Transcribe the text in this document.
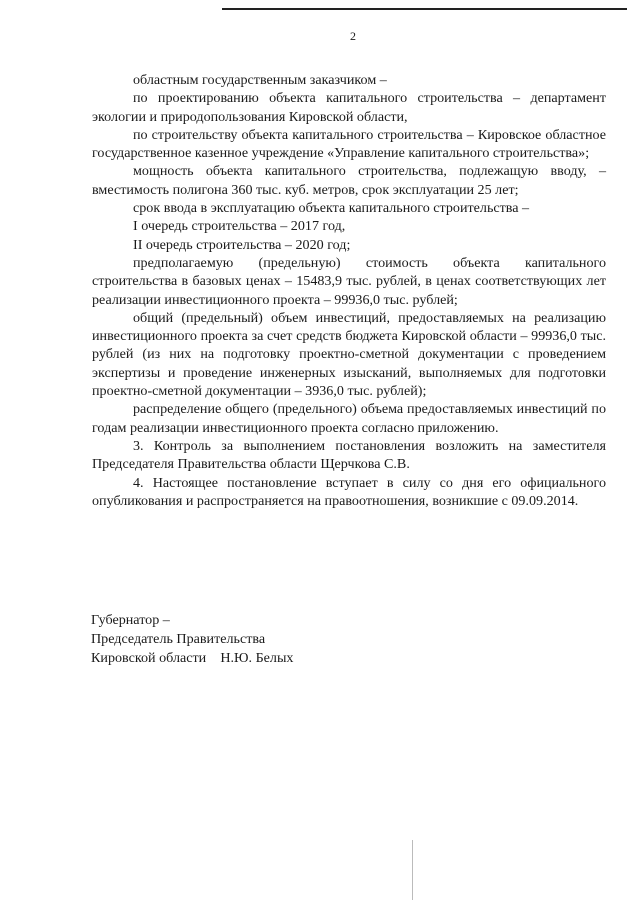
2

областным государственным заказчиком –

по проектированию объекта капитального строительства – департамент экологии и природопользования Кировской области,

по строительству объекта капитального строительства – Кировское областное государственное казенное учреждение «Управление капитального строительства»;

мощность объекта капитального строительства, подлежащую вводу, – вместимость полигона 360 тыс. куб. метров, срок эксплуатации 25 лет;

срок ввода в эксплуатацию объекта капитального строительства –

I очередь строительства – 2017 год,

II очередь строительства – 2020 год;

предполагаемую (предельную) стоимость объекта капитального строительства в базовых ценах – 15483,9 тыс. рублей, в ценах соответствующих лет реализации инвестиционного проекта – 99936,0 тыс. рублей;

общий (предельный) объем инвестиций, предоставляемых на реализацию инвестиционного проекта за счет средств бюджета Кировской области – 99936,0 тыс. рублей (из них на подготовку проектно-сметной документации с проведением экспертизы и проведение инженерных изысканий, выполняемых для подготовки проектно-сметной документации – 3936,0 тыс. рублей);

распределение общего (предельного) объема предоставляемых инвестиций по годам реализации инвестиционного проекта согласно приложению.

3. Контроль за выполнением постановления возложить на заместителя Председателя Правительства области Щерчкова С.В.

4. Настоящее постановление вступает в силу со дня его официального опубликования и распространяется на правоотношения, возникшие с 09.09.2014.

Губернатор –
Председатель Правительства
Кировской области Н.Ю. Белых
